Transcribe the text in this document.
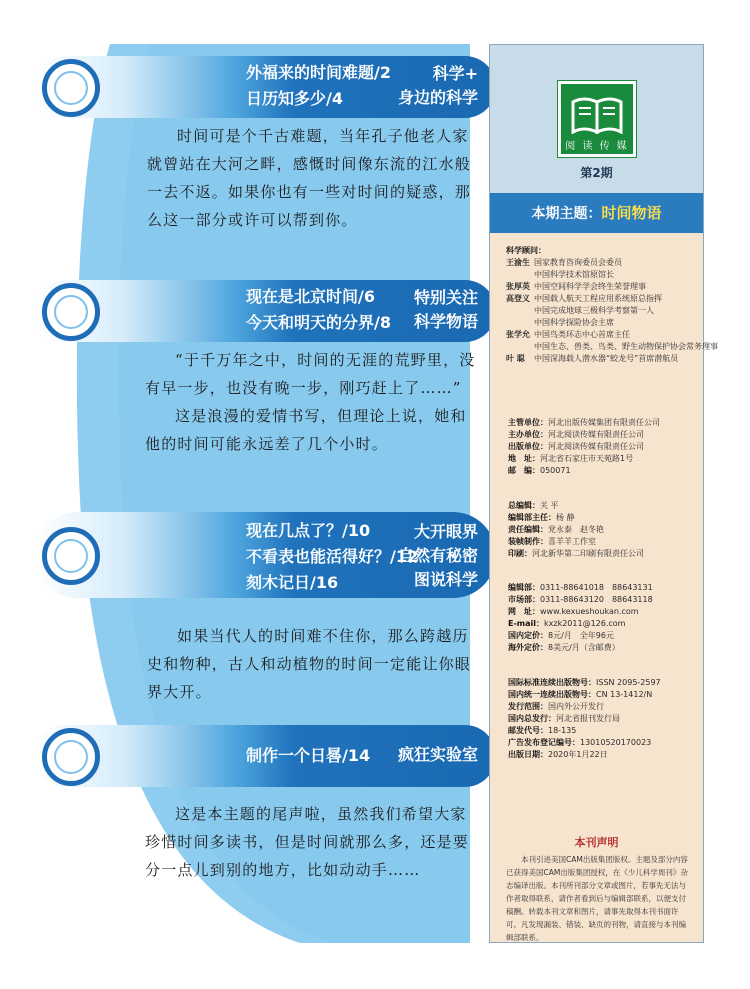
科学+
身边的科学
外福来的时间难题/2
日历知多少/4

时间可是个千古难题，当年孔子他老人家就曾站在大河之畔，感慨时间像东流的江水般一去不返。如果你也有一些对时间的疑惑，那么这一部分或许可以帮到你。

特别关注
科学物语
现在是北京时间/6
今天和明天的分界/8

“于千万年之中，时间的无涯的荒野里，没有早一步，也没有晚一步，刚巧赶上了……”

这是浪漫的爱情书写，但理论上说，她和他的时间可能永远差了几个小时。

大开眼界
自然有秘密
图说科学
现在几点了？/10
不看表也能活得好？/12
刻木记日/16

如果当代人的时间难不住你，那么跨越历史和物种，古人和动植物的时间一定能让你眼界大开。

疯狂实验室
制作一个日晷/14

这是本主题的尾声啦，虽然我们希望大家珍惜时间多读书，但是时间就那么多，还是要分一点儿到别的地方，比如动动手……

阅 读 传 媒
第2期
本期主题：时间物语
科学顾问：
王渝生 国家教育咨询委员会委员
中国科学技术馆原馆长
张厚英 中国空间科学学会终生荣誉理事
高登义 中国载人航天工程应用系统原总指挥
中国完成地球三极科学考察第一人
中国科学探险协会主席
张学允 中国鸟类环志中心首席主任
中国生态、兽类、鸟类、野生动物保护协会常务理事
叶 聪 中国深海载人潜水器“蛟龙号”首席潜航员
主管单位：河北出版传媒集团有限责任公司
主办单位：河北阅读传媒有限责任公司
出版单位：河北阅读传媒有限责任公司
地　址：河北省石家庄市天苑路1号
邮　编：050071
总编辑：关 平
编辑部主任：杨 静
责任编辑：党永泰　赵冬艳
装帧制作：喜羊羊工作室
印刷：河北新华第二印刷有限责任公司
编辑部：0311-88641018　88643131
市场部：0311-88643120　88643118
网　址：www.kexueshoukan.com
E-mail：kxzk2011@126.com
国内定价：8元/月　全年96元
海外定价：8美元/月（含邮费）
国际标准连续出版物号：ISSN 2095-2597
国内统一连续出版物号：CN 13-1412/N
发行范围：国内外公开发行
国内总发行：河北省报刊发行局
邮发代号：18-135
广告发布登记编号：1301052017​0023
出版日期：2020年1月22日
本刊声明
本刊引进美国CAM出版集团版权。主题及部分内容已获得美国CAM出版集团授权，在《少儿科学周刊》杂志编译出版。本刊所刊部分文章或图片，若事先无法与作者取得联系，请作者看到后与编辑部联系，以便支付稿酬。转载本刊文章和图片，请事先取得本刊书面许可。凡发现漏装、错装、缺页的刊物，请直接与本刊编辑部联系。
